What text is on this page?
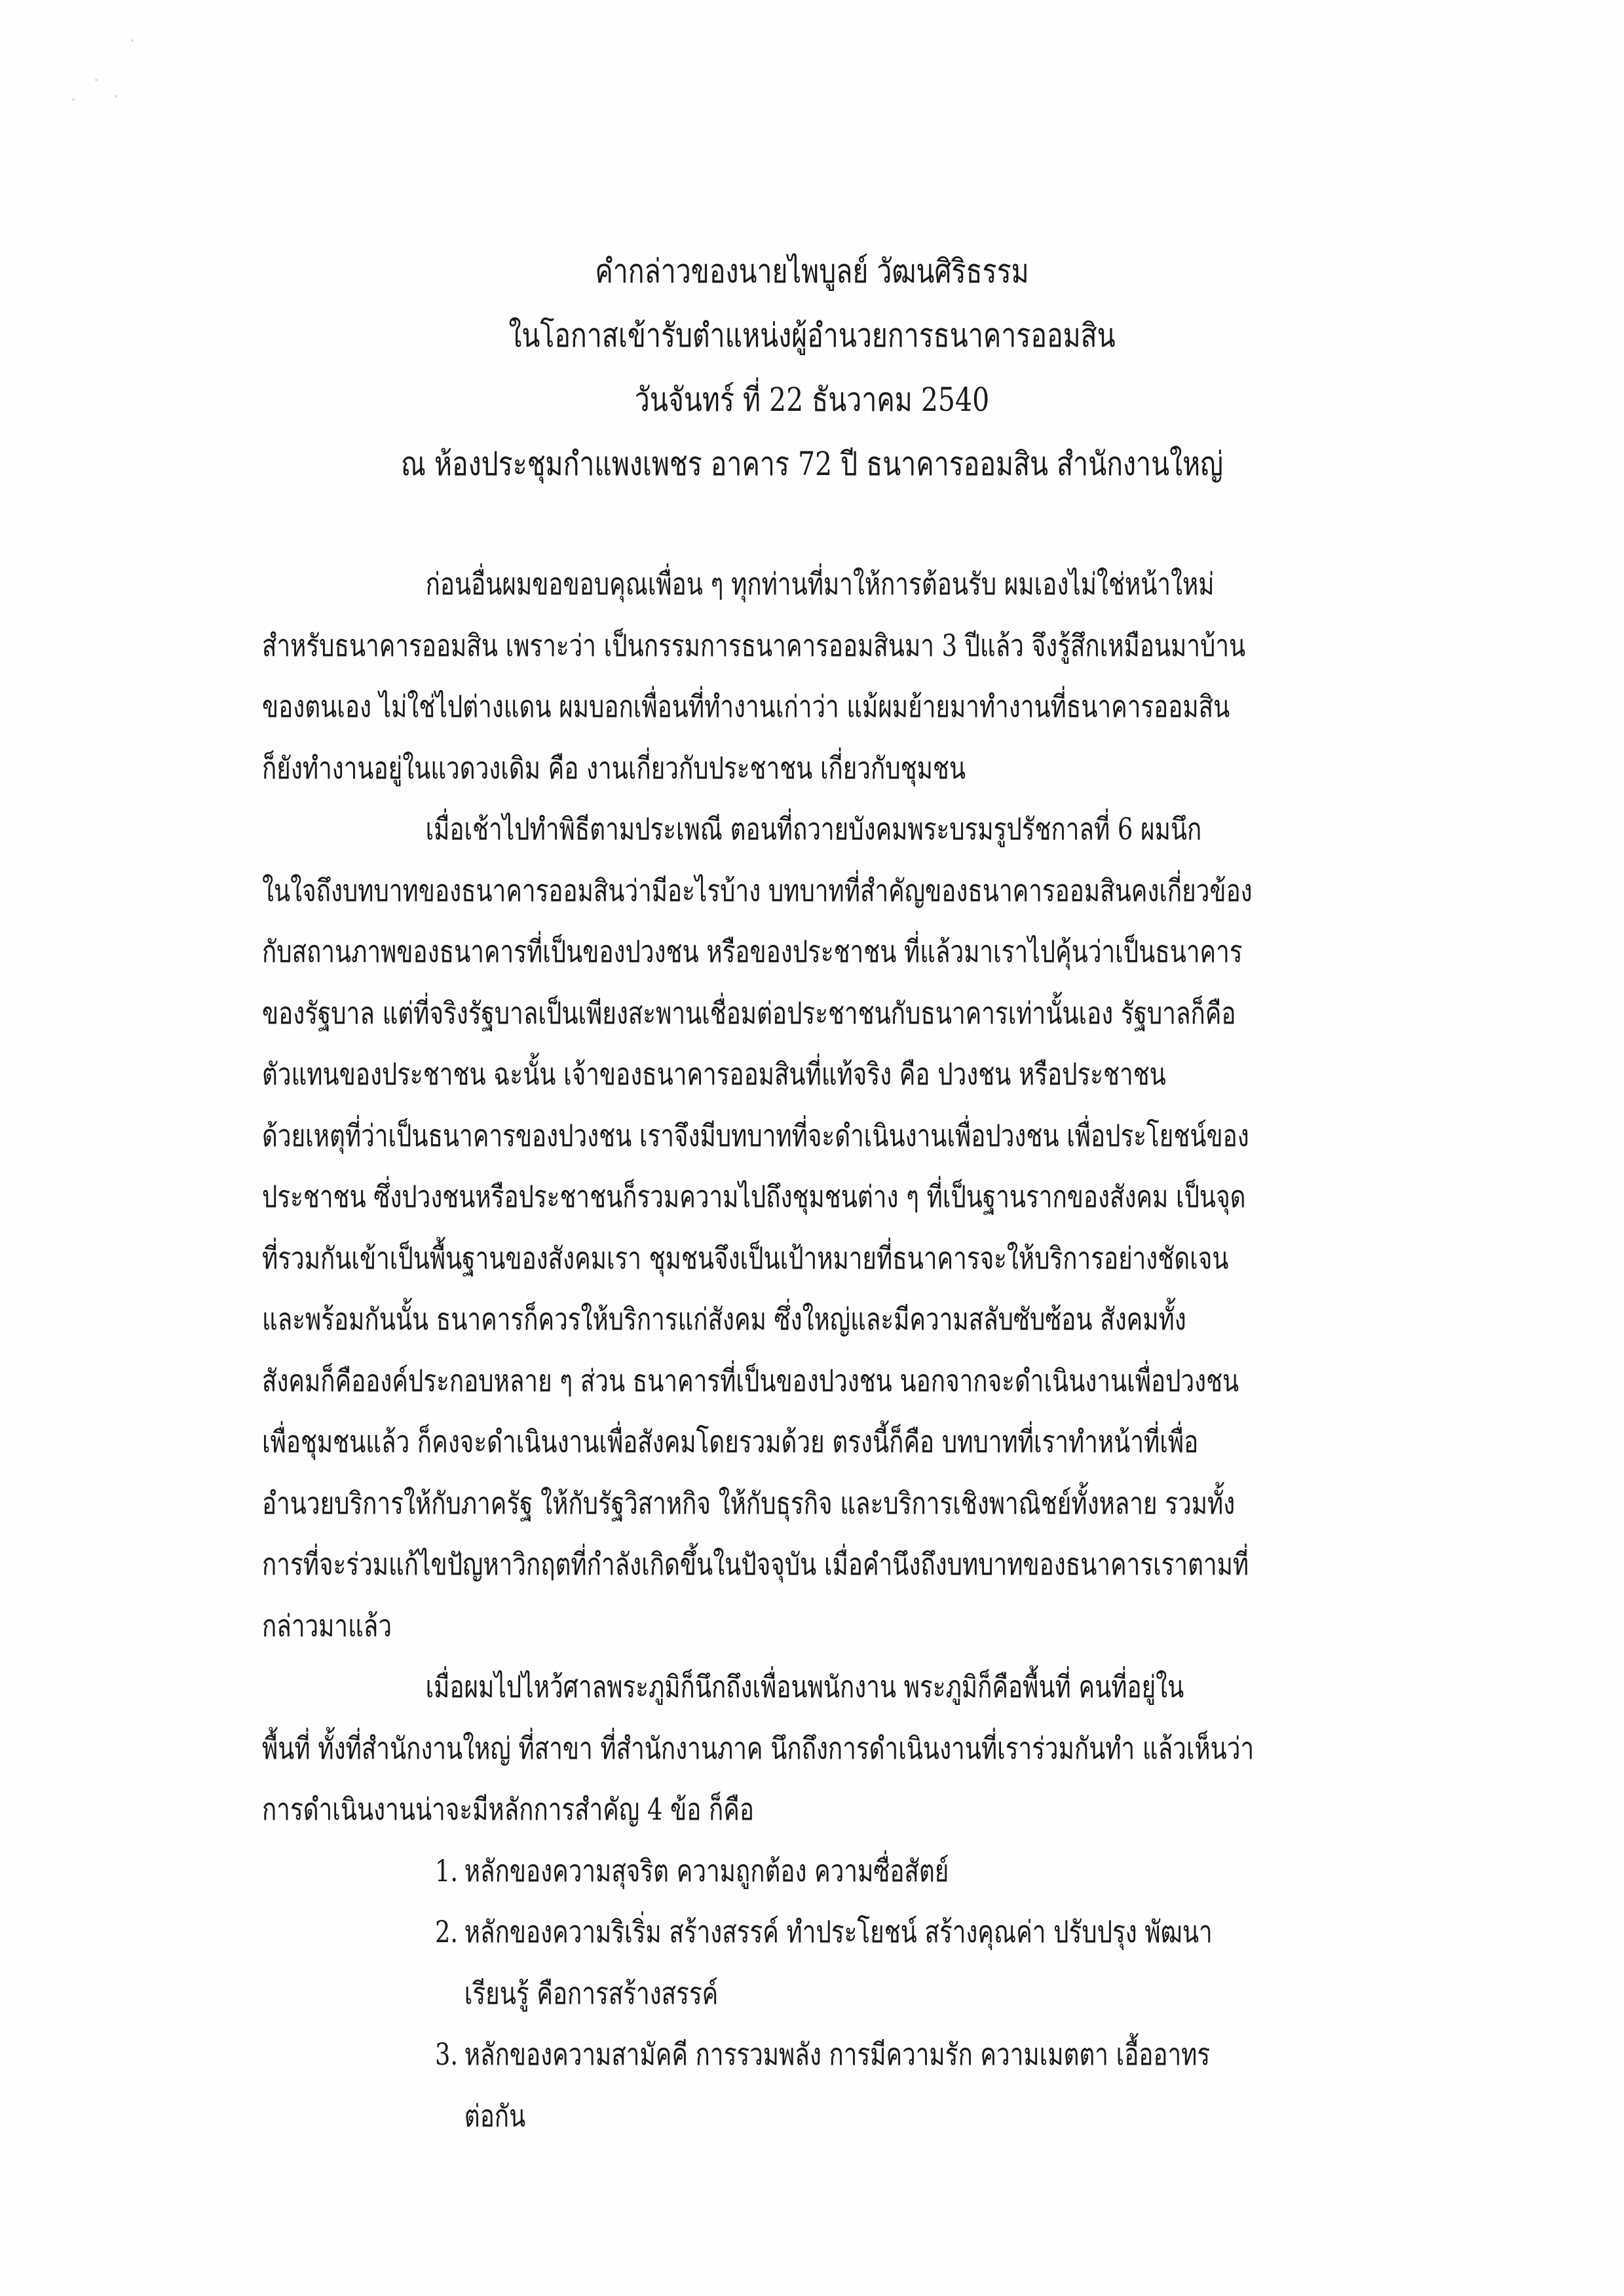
คำกล่าวของนายไพบูลย์ วัฒนศิริธรรม
ในโอกาสเข้ารับตำแหน่งผู้อำนวยการธนาคารออมสิน
วันจันทร์ ที่ 22 ธันวาคม 2540
ณ ห้องประชุมกำแพงเพชร อาคาร 72 ปี ธนาคารออมสิน สำนักงานใหญ่
ก่อนอื่นผมขอขอบคุณเพื่อน ๆ ทุกท่านที่มาให้การต้อนรับ ผมเองไม่ใช่หน้าใหม่
สำหรับธนาคารออมสิน เพราะว่า เป็นกรรมการธนาคารออมสินมา 3 ปีแล้ว จึงรู้สึกเหมือนมาบ้าน
ของตนเอง ไม่ใช่ไปต่างแดน ผมบอกเพื่อนที่ทำงานเก่าว่า แม้ผมย้ายมาทำงานที่ธนาคารออมสิน
ก็ยังทำงานอยู่ในแวดวงเดิม คือ งานเกี่ยวกับประชาชน เกี่ยวกับชุมชน
เมื่อเช้าไปทำพิธีตามประเพณี ตอนที่ถวายบังคมพระบรมรูปรัชกาลที่ 6 ผมนึก
ในใจถึงบทบาทของธนาคารออมสินว่ามีอะไรบ้าง บทบาทที่สำคัญของธนาคารออมสินคงเกี่ยวข้อง
กับสถานภาพของธนาคารที่เป็นของปวงชน หรือของประชาชน ที่แล้วมาเราไปคุ้นว่าเป็นธนาคาร
ของรัฐบาล แต่ที่จริงรัฐบาลเป็นเพียงสะพานเชื่อมต่อประชาชนกับธนาคารเท่านั้นเอง รัฐบาลก็คือ
ตัวแทนของประชาชน ฉะนั้น เจ้าของธนาคารออมสินที่แท้จริง คือ ปวงชน หรือประชาชน
ด้วยเหตุที่ว่าเป็นธนาคารของปวงชน เราจึงมีบทบาทที่จะดำเนินงานเพื่อปวงชน เพื่อประโยชน์ของ
ประชาชน ซึ่งปวงชนหรือประชาชนก็รวมความไปถึงชุมชนต่าง ๆ ที่เป็นฐานรากของสังคม เป็นจุด
ที่รวมกันเข้าเป็นพื้นฐานของสังคมเรา ชุมชนจึงเป็นเป้าหมายที่ธนาคารจะให้บริการอย่างชัดเจน
และพร้อมกันนั้น ธนาคารก็ควรให้บริการแก่สังคม ซึ่งใหญ่และมีความสลับซับซ้อน สังคมทั้ง
สังคมก็คือองค์ประกอบหลาย ๆ ส่วน ธนาคารที่เป็นของปวงชน นอกจากจะดำเนินงานเพื่อปวงชน
เพื่อชุมชนแล้ว ก็คงจะดำเนินงานเพื่อสังคมโดยรวมด้วย ตรงนี้ก็คือ บทบาทที่เราทำหน้าที่เพื่อ
อำนวยบริการให้กับภาครัฐ ให้กับรัฐวิสาหกิจ ให้กับธุรกิจ และบริการเชิงพาณิชย์ทั้งหลาย รวมทั้ง
การที่จะร่วมแก้ไขปัญหาวิกฤตที่กำลังเกิดขึ้นในปัจจุบัน เมื่อคำนึงถึงบทบาทของธนาคารเราตามที่
กล่าวมาแล้ว
เมื่อผมไปไหว้ศาลพระภูมิก็นึกถึงเพื่อนพนักงาน พระภูมิก็คือพื้นที่ คนที่อยู่ใน
พื้นที่ ทั้งที่สำนักงานใหญ่ ที่สาขา ที่สำนักงานภาค นึกถึงการดำเนินงานที่เราร่วมกันทำ แล้วเห็นว่า
การดำเนินงานน่าจะมีหลักการสำคัญ 4 ข้อ ก็คือ
1. หลักของความสุจริต ความถูกต้อง ความซื่อสัตย์
2. หลักของความริเริ่ม สร้างสรรค์ ทำประโยชน์ สร้างคุณค่า ปรับปรุง พัฒนา
เรียนรู้ คือการสร้างสรรค์
3. หลักของความสามัคคี การรวมพลัง การมีความรัก ความเมตตา เอื้ออาทร
ต่อกัน
